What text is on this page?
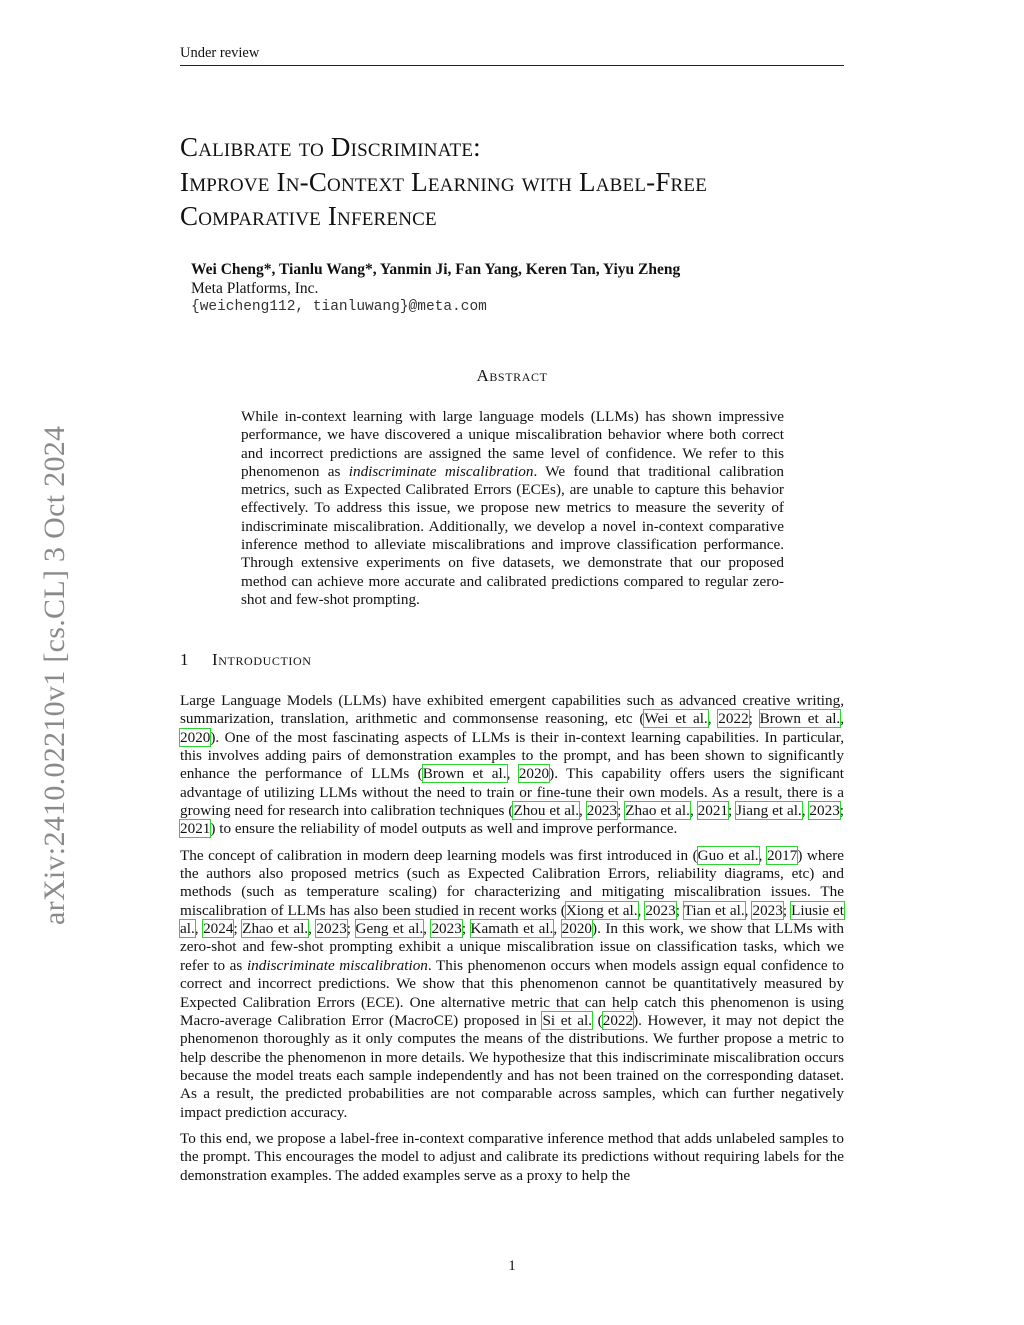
Under review
arXiv:2410.02210v1 [cs.CL] 3 Oct 2024
Calibrate to Discriminate:
Improve In-Context Learning with Label-Free
Comparative Inference
Wei Cheng*, Tianlu Wang*, Yanmin Ji, Fan Yang, Keren Tan, Yiyu Zheng
Meta Platforms, Inc.
{weicheng112, tianluwang}@meta.com
Abstract
While in-context learning with large language models (LLMs) has shown impressive performance, we have discovered a unique miscalibration behavior where both correct and incorrect predictions are assigned the same level of confidence. We refer to this phenomenon as indiscriminate miscalibration. We found that traditional calibration metrics, such as Expected Calibrated Errors (ECEs), are unable to capture this behavior effectively. To address this issue, we propose new metrics to measure the severity of indiscriminate miscalibration. Additionally, we develop a novel in-context comparative inference method to alleviate miscalibrations and improve classification performance. Through extensive experiments on five datasets, we demonstrate that our proposed method can achieve more accurate and calibrated predictions compared to regular zero-shot and few-shot prompting.
1 Introduction

Large Language Models (LLMs) have exhibited emergent capabilities such as advanced creative writing, summarization, translation, arithmetic and commonsense reasoning, etc (Wei et al., 2022; Brown et al., 2020). One of the most fascinating aspects of LLMs is their in-context learning capabilities. In particular, this involves adding pairs of demonstration examples to the prompt, and has been shown to significantly enhance the performance of LLMs (Brown et al., 2020). This capability offers users the significant advantage of utilizing LLMs without the need to train or fine-tune their own models. As a result, there is a growing need for research into calibration techniques (Zhou et al., 2023; Zhao et al., 2021; Jiang et al., 2023; 2021) to ensure the reliability of model outputs as well and improve performance.

The concept of calibration in modern deep learning models was first introduced in (Guo et al., 2017) where the authors also proposed metrics (such as Expected Calibration Errors, reliability diagrams, etc) and methods (such as temperature scaling) for characterizing and mitigating miscalibration issues. The miscalibration of LLMs has also been studied in recent works (Xiong et al., 2023; Tian et al., 2023; Liusie et al., 2024; Zhao et al., 2023; Geng et al., 2023; Kamath et al., 2020). In this work, we show that LLMs with zero-shot and few-shot prompting exhibit a unique miscalibration issue on classification tasks, which we refer to as indiscriminate miscalibration. This phenomenon occurs when models assign equal confidence to correct and incorrect predictions. We show that this phenomenon cannot be quantitatively measured by Expected Calibration Errors (ECE). One alternative metric that can help catch this phenomenon is using Macro-average Calibration Error (MacroCE) proposed in Si et al. (2022). However, it may not depict the phenomenon thoroughly as it only computes the means of the distributions. We further propose a metric to help describe the phenomenon in more details. We hypothesize that this indiscriminate miscalibration occurs because the model treats each sample independently and has not been trained on the corresponding dataset. As a result, the predicted probabilities are not comparable across samples, which can further negatively impact prediction accuracy.

To this end, we propose a label-free in-context comparative inference method that adds unlabeled samples to the prompt. This encourages the model to adjust and calibrate its predictions without requiring labels for the demonstration examples. The added examples serve as a proxy to help the

1
